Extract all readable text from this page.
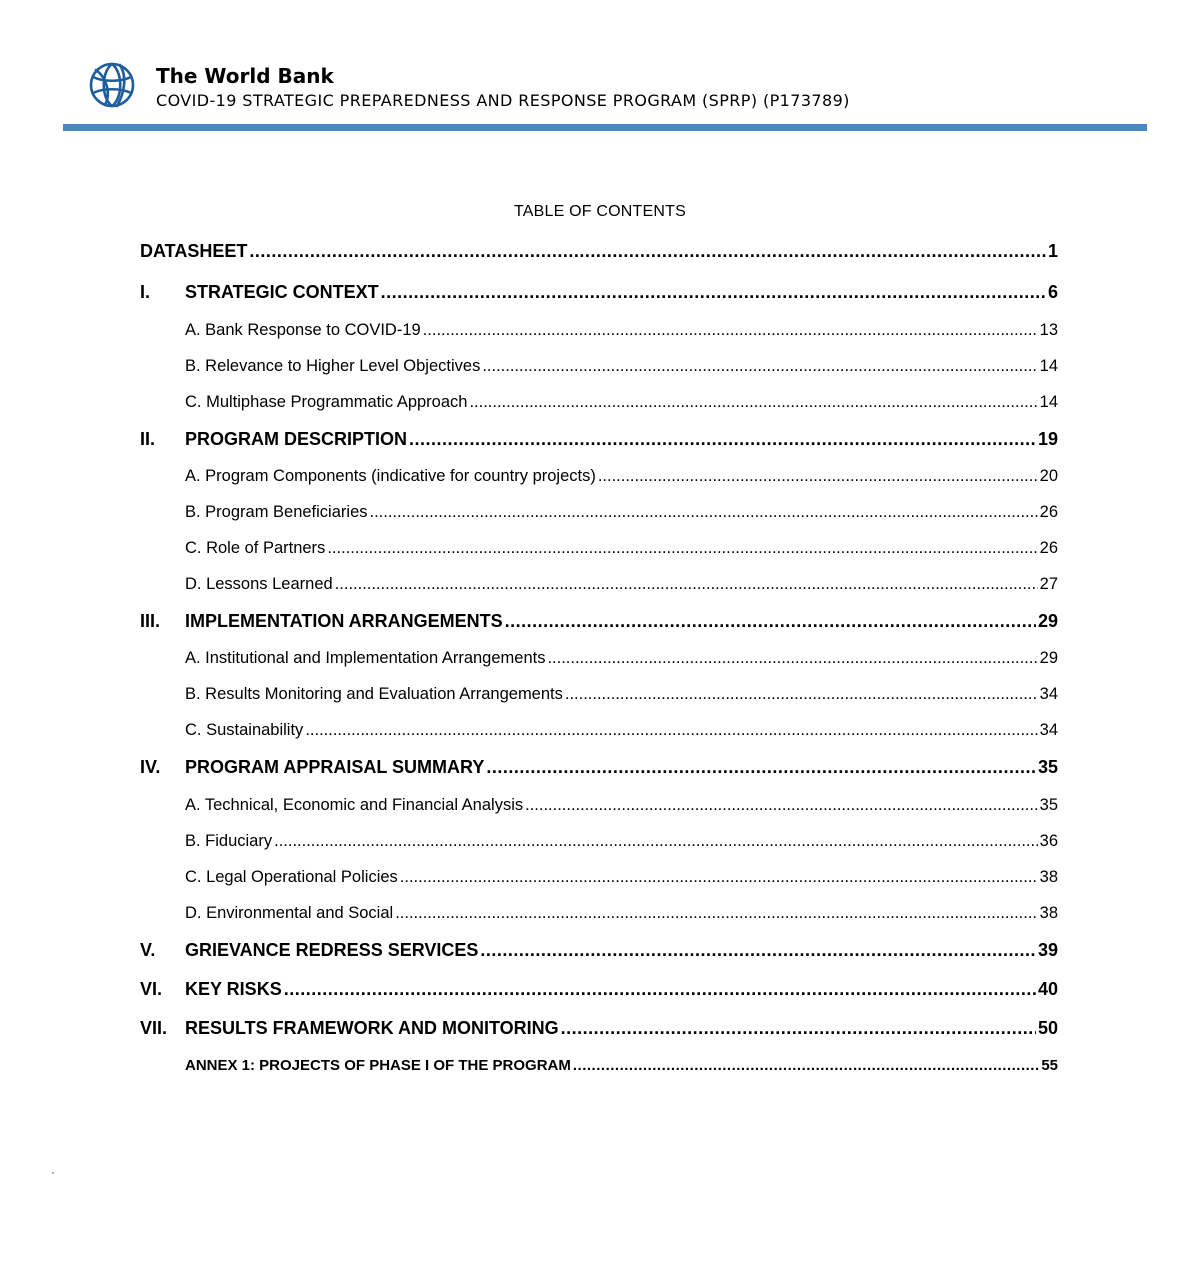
The World Bank
COVID-19 STRATEGIC PREPAREDNESS AND RESPONSE PROGRAM (SPRP) (P173789)
TABLE OF CONTENTS
DATASHEET .....	1
I.	STRATEGIC CONTEXT .....	6
A. Bank Response to COVID-19 .....	13
B. Relevance to Higher Level Objectives .....	14
C. Multiphase Programmatic Approach .....	14
II.	PROGRAM DESCRIPTION .....	19
A. Program Components (indicative for country projects) .....	20
B. Program Beneficiaries .....	26
C. Role of Partners .....	26
D. Lessons Learned .....	27
III.	IMPLEMENTATION ARRANGEMENTS .....	29
A. Institutional and Implementation Arrangements .....	29
B. Results Monitoring and Evaluation Arrangements .....	34
C. Sustainability .....	34
IV.	PROGRAM APPRAISAL SUMMARY .....	35
A. Technical, Economic and Financial Analysis .....	35
B. Fiduciary .....	36
C. Legal Operational Policies .....	38
D. Environmental and Social .....	38
V.	GRIEVANCE REDRESS SERVICES .....	39
VI.	KEY RISKS .....	40
VII. RESULTS FRAMEWORK AND MONITORING .....	50
ANNEX 1: PROJECTS OF PHASE I OF THE PROGRAM .....	55
